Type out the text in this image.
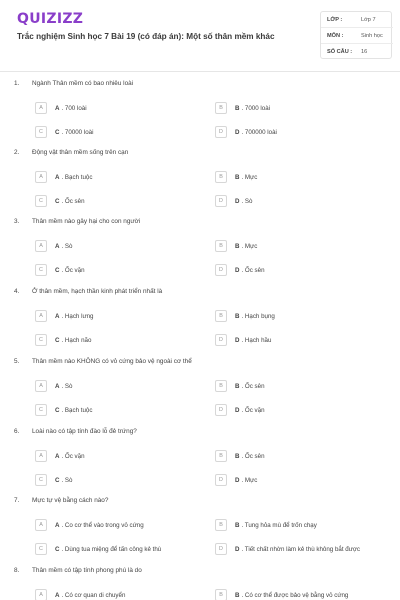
QUIZIZZ
Trắc nghiệm Sinh học 7 Bài 19 (có đáp án): Một số thân mềm khác
LỚP :	Lớp 7
MÔN :	Sinh học
SỐ CÂU : 16
1. Ngành Thân mềm có bao nhiêu loài
A	A . 700 loài	B	B . 7000 loài
C	C . 70000 loài	D	D . 700000 loài
2. Động vật thân mềm sống trên cạn
A	A . Bạch tuộc	B	B . Mực
C	C . Ốc sên	D	D . Sò
3. Thân mềm nào gây hại cho con người
A	A . Sò	B	B . Mực
C	C . Ốc vặn	D	D . Ốc sên
4. Ở thân mềm, hạch thần kinh phát triển nhất là
A	A . Hạch lưng	B	B . Hạch bụng
C	C . Hạch não	D	D . Hạch hầu
5. Thân mềm nào KHÔNG có vỏ cứng bảo vệ ngoài cơ thể
A	A . Sò	B	B . Ốc sên
C	C . Bạch tuộc	D	D . Ốc vặn
6. Loài nào có tập tính đào lỗ đẻ trứng?
A	A . Ốc vặn	B	B . Ốc sên
C	C . Sò	D	D . Mực
7. Mực tự vệ bằng cách nào?
A	A . Co cơ thể vào trong vỏ cứng	B	B . Tung hỏa mù để trốn chạy
C	C . Dùng tua miệng để tấn công kẻ thù	D	D . Tiết chất nhờn làm kẻ thù không bắt được
8. Thân mềm có tập tính phong phú là do
A	A . Có cơ quan di chuyển	B	B . Có cơ thể được bảo vệ bằng vỏ cứng
